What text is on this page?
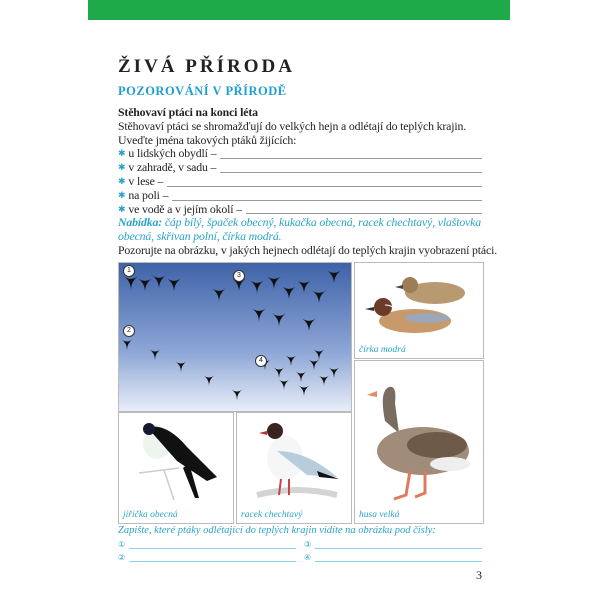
ŽIVÁ PŘÍRODA
POZOROVÁNÍ V PŘÍRODĚ
Stěhovaví ptáci na konci léta
Stěhovaví ptáci se shromažďují do velkých hejn a odlétají do teplých krajin.
Uveďte jména takových ptáků žijících:
✱ u lidských obydlí –
✱ v zahradě, v sadu –
✱ v lese –
✱ na poli –
✱ ve vodě a v jejím okolí –
Nabídka: čáp bílý, špaček obecný, kukačka obecná, racek chechtavý, vlaštovka obecná, skřivan polní, čírka modrá.
Pozorujte na obrázku, v jakých hejnech odlétají do teplých krajin vyobrazení ptáci.
1
2
3
4
čírka modrá
husa velká
jiřička obecná	racek chechtavý
Zapište, které ptáky odlétající do teplých krajin vidíte na obrázku pod čísly:
①
②
③
④
3
